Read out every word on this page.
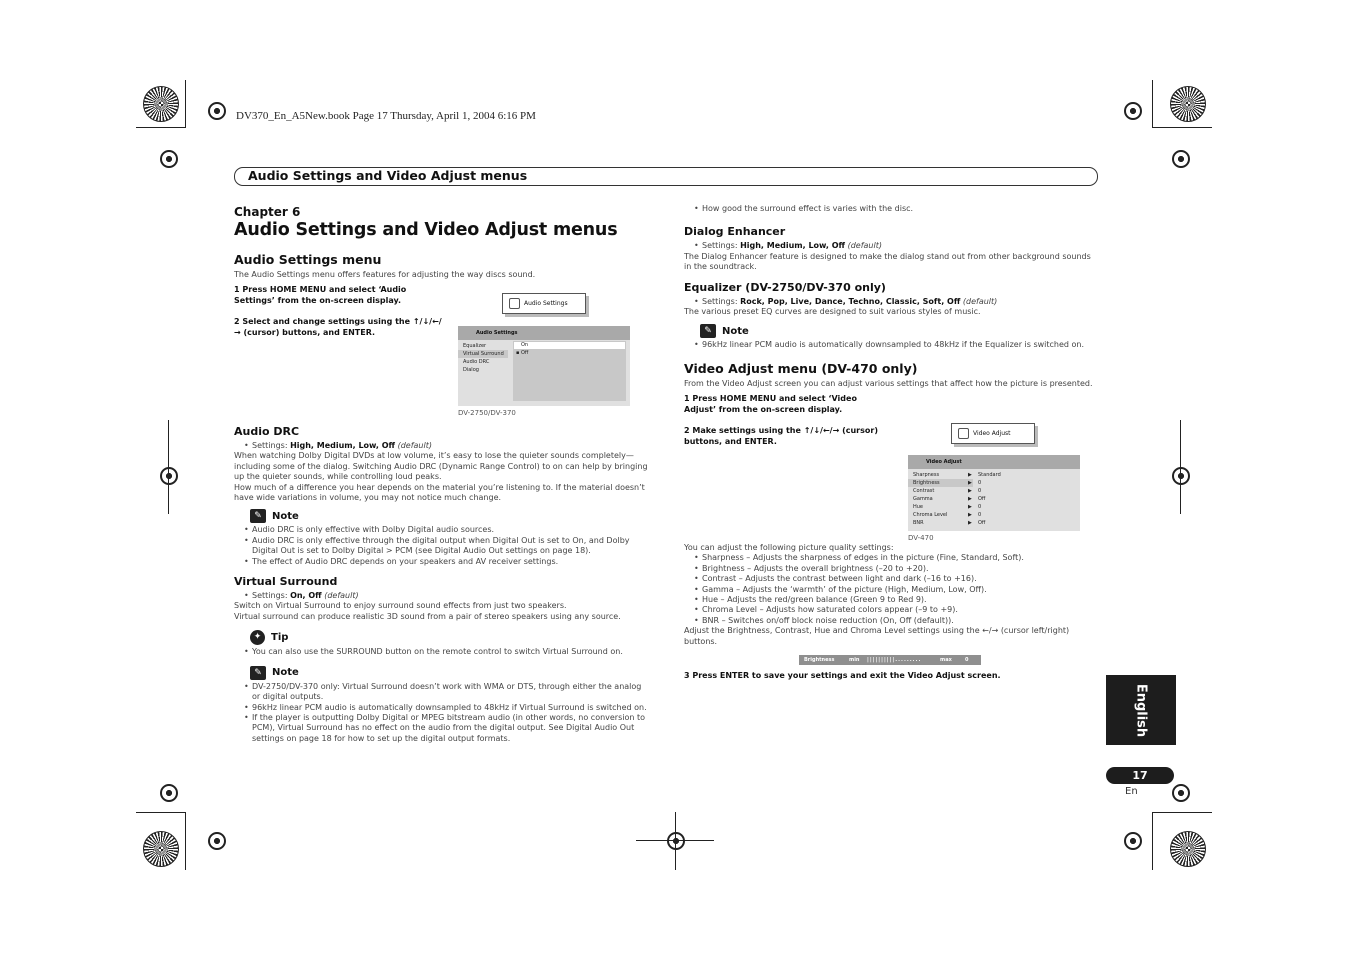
DV370_En_A5New.book Page 17 Thursday, April 1, 2004 6:16 PM
Audio Settings and Video Adjust menus
Chapter 6
Audio Settings and Video Adjust menus
Audio Settings menu
The Audio Settings menu offers features for adjusting the way discs sound.
1 Press HOME MENU and select ‘Audio Settings’ from the on-screen display.
2 Select and change settings using the ↑/↓/←/→ (cursor) buttons, and ENTER.
Audio Settings
Audio Settings
On
▪ Off
Equalizer
Virtual Surround
Audio DRC
Dialog
DV-2750/DV-370
Audio DRC
• Settings: High, Medium, Low, Off (default)
When watching Dolby Digital DVDs at low volume, it’s easy to lose the quieter sounds completely—including some of the dialog. Switching Audio DRC (Dynamic Range Control) to on can help by bringing up the quieter sounds, while controlling loud peaks.
How much of a difference you hear depends on the material you’re listening to. If the material doesn’t have wide variations in volume, you may not notice much change.
✎	Note
• Audio DRC is only effective with Dolby Digital audio sources.
• Audio DRC is only effective through the digital output when Digital Out is set to On, and Dolby Digital Out is set to Dolby Digital > PCM (see Digital Audio Out settings on page 18).
• The effect of Audio DRC depends on your speakers and AV receiver settings.
Virtual Surround
• Settings: On, Off (default)
Switch on Virtual Surround to enjoy surround sound effects from just two speakers.
Virtual surround can produce realistic 3D sound from a pair of stereo speakers using any source.
✦ Tip
• You can also use the SURROUND button on the remote control to switch Virtual Surround on.
✎	Note
• DV-2750/DV-370 only: Virtual Surround doesn’t work with WMA or DTS, through either the analog or digital outputs.
• 96kHz linear PCM audio is automatically downsampled to 48kHz if Virtual Surround is switched on.
• If the player is outputting Dolby Digital or MPEG bitstream audio (in other words, no conversion to PCM), Virtual Surround has no effect on the audio from the digital output. See Digital Audio Out settings on page 18 for how to set up the digital output formats.
• How good the surround effect is varies with the disc.
Dialog Enhancer
• Settings: High, Medium, Low, Off (default)
The Dialog Enhancer feature is designed to make the dialog stand out from other background sounds in the soundtrack.
Equalizer (DV-2750/DV-370 only)
• Settings: Rock, Pop, Live, Dance, Techno, Classic, Soft, Off (default)
The various preset EQ curves are designed to suit various styles of music.
✎	Note
• 96kHz linear PCM audio is automatically downsampled to 48kHz if the Equalizer is switched on.
Video Adjust menu (DV-470 only)
From the Video Adjust screen you can adjust various settings that affect how the picture is presented.
1 Press HOME MENU and select ‘Video Adjust’ from the on-screen display.
2 Make settings using the ↑/↓/←/→ (cursor) buttons, and ENTER.
Video Adjust
Video Adjust
Sharpness	▶ Standard
Brightness	▶ 0
Contrast	▶ 0
Gamma	▶ Off
Hue	▶ 0
Chroma Level	▶ 0
BNR	▶ Off
DV-470
You can adjust the following picture quality settings:
• Sharpness – Adjusts the sharpness of edges in the picture (Fine, Standard, Soft).
• Brightness – Adjusts the overall brightness (–20 to +20).
• Contrast – Adjusts the contrast between light and dark (–16 to +16).
• Gamma – Adjusts the ‘warmth’ of the picture (High, Medium, Low, Off).
• Hue – Adjusts the red/green balance (Green 9 to Red 9).
• Chroma Level – Adjusts how saturated colors appear (–9 to +9).
• BNR – Switches on/off block noise reduction (On, Off (default)).
Adjust the Brightness, Contrast, Hue and Chroma Level settings using the ←/→ (cursor left/right) buttons.
Brightness	min ||||||||||.........	max	0
3 Press ENTER to save your settings and exit the Video Adjust screen.
English
17
En
